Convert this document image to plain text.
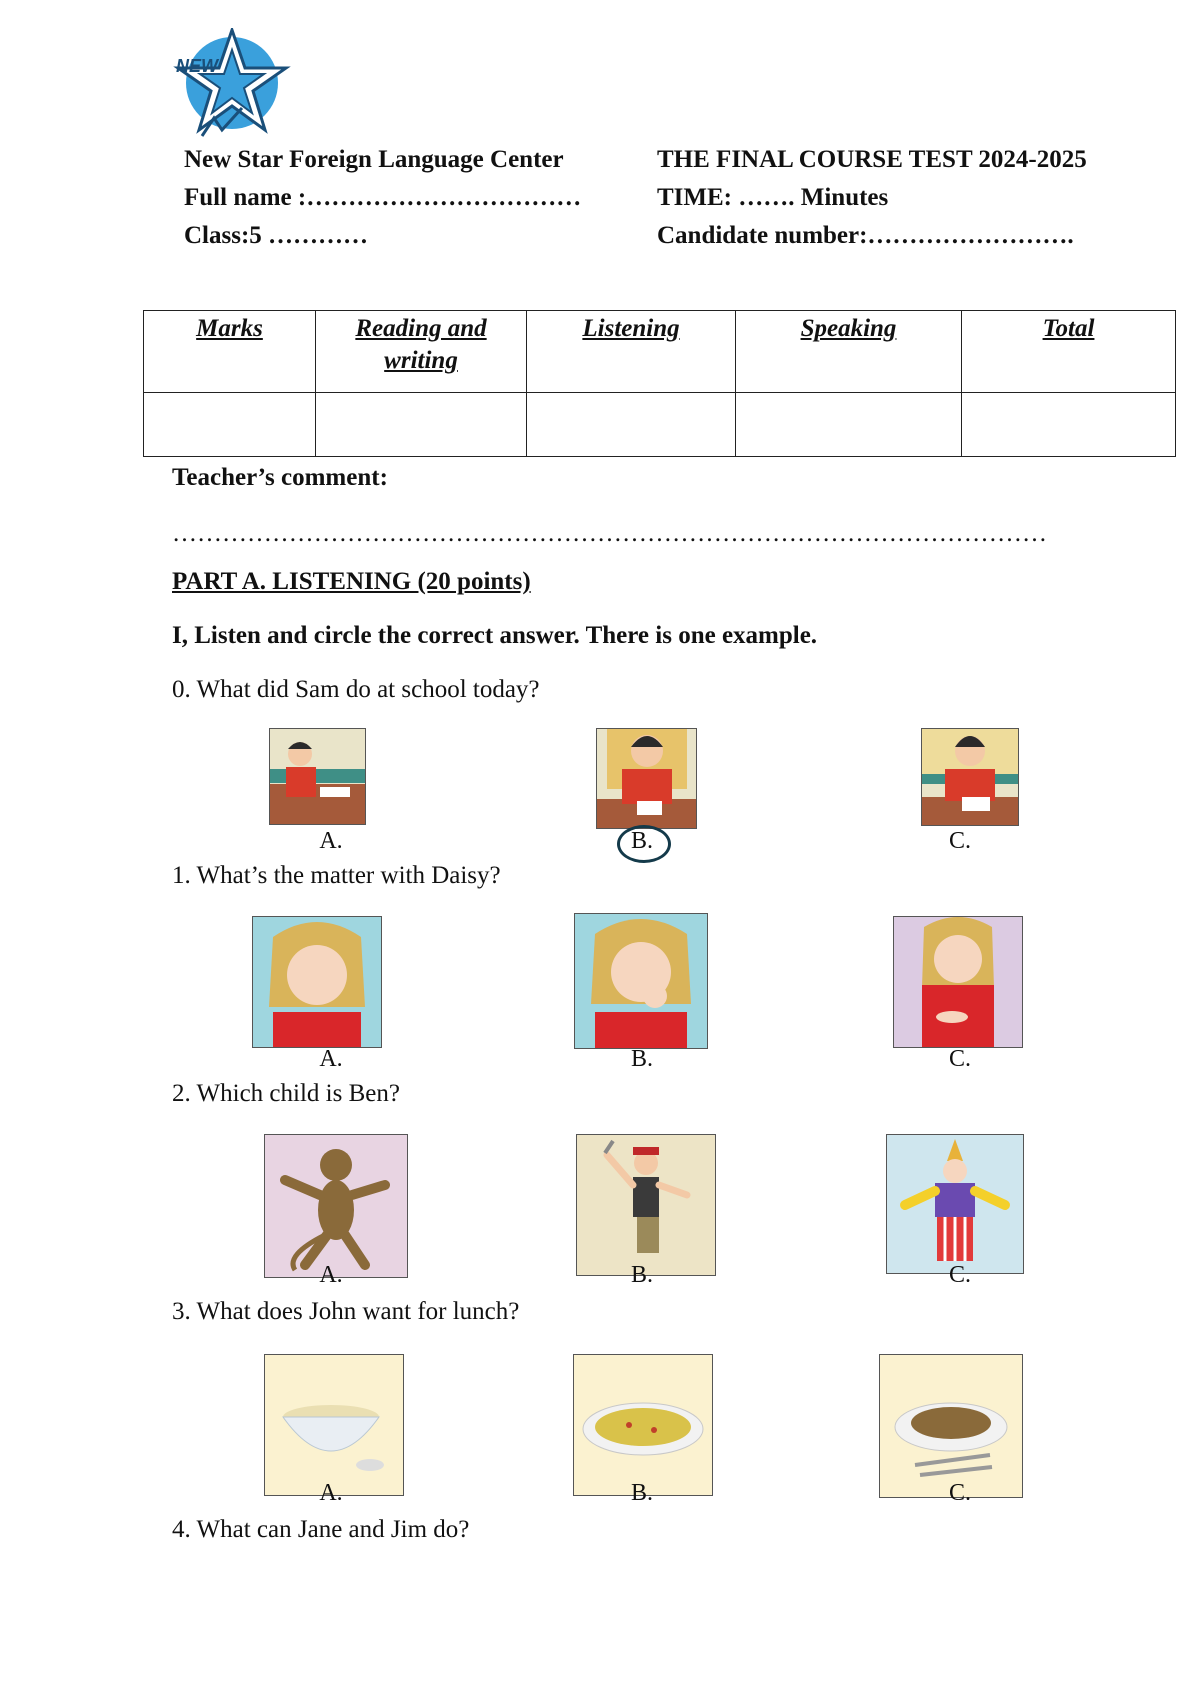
NEW
New Star Foreign Language Center
Full name :……………………………
Class:5 …………
THE FINAL COURSE TEST 2024-2025
TIME: ……. Minutes
Candidate number:…………………….
Marks	Reading and writing	Listening	Speaking	Total

Teacher’s comment:
……………………………………………………………………………………………
PART A. LISTENING (20 points)
I, Listen and circle the correct answer. There is one example.
0. What did Sam do at school today?
A.	B.	C.
1. What’s the matter with Daisy?
A.	B.	C.
2. Which child is Ben?
A.	B.	C.
3. What does John want for lunch?
A.	B.	C.
4. What can Jane and Jim do?
